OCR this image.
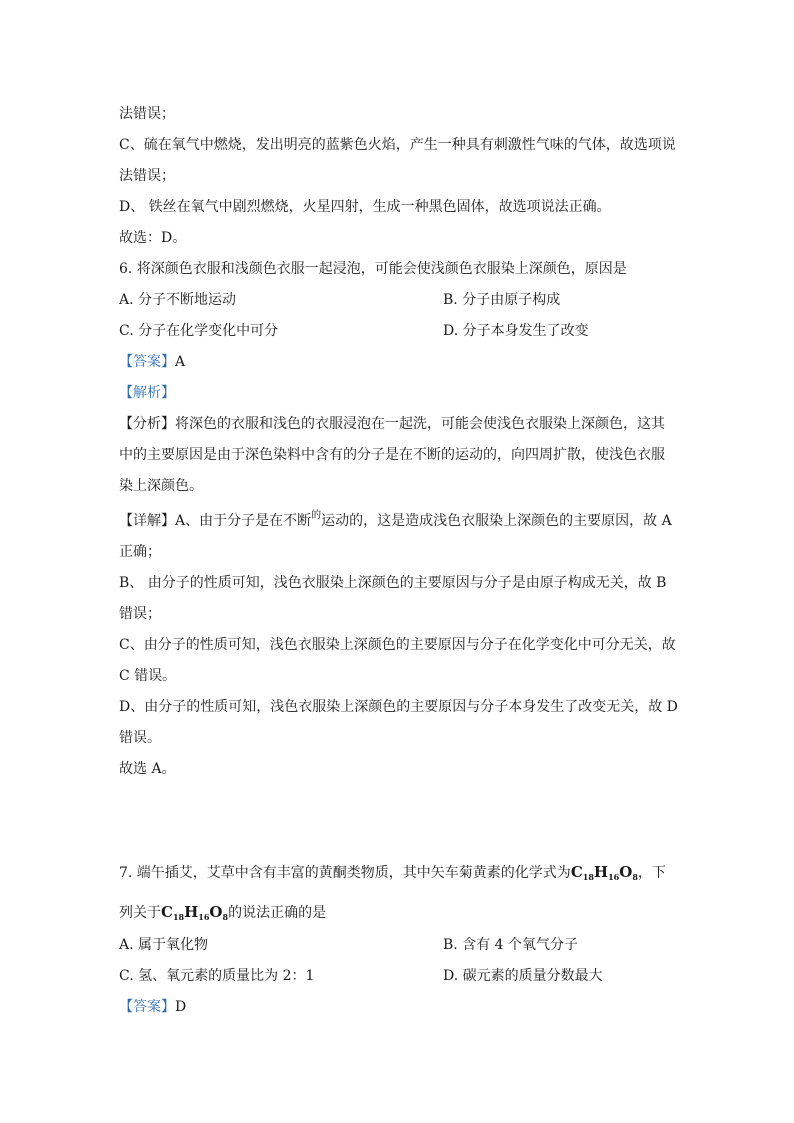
法错误；
C、硫在氧气中燃烧，发出明亮的蓝紫色火焰，产生一种具有刺激性气味的气体，故选项说
法错误；
D、 铁丝在氧气中剧烈燃烧，火星四射，生成一种黑色固体，故选项说法正确。
故选：D。
6. 将深颜色衣服和浅颜色衣服一起浸泡，可能会使浅颜色衣服染上深颜色，原因是
A. 分子不断地运动	B. 分子由原子构成
C. 分子在化学变化中可分	D. 分子本身发生了改变
【答案】A
【解析】
【分析】将深色的衣服和浅色的衣服浸泡在一起洗，可能会使浅色衣服染上深颜色，这其
中的主要原因是由于深色染料中含有的分子是在不断的运动的，向四周扩散，使浅色衣服
染上深颜色。
【详解】A、由于分子是在不断$^的$运动的，这是造成浅色衣服染上深颜色的主要原因，故 A
正确；
B、 由分子的性质可知，浅色衣服染上深颜色的主要原因与分子是由原子构成无关，故 B
错误；
C、由分子的性质可知，浅色衣服染上深颜色的主要原因与分子在化学变化中可分无关，故
C 错误。
D、由分子的性质可知，浅色衣服染上深颜色的主要原因与分子本身发生了改变无关，故 D
错误。
故选 A。
7. 端午插艾，艾草中含有丰富的黄酮类物质，其中矢车菊黄素的化学式为$C_{18}H_{16}O_8$，下
列关于$C_{18}H_{16}O_8$的说法正确的是
A. 属于氧化物	B. 含有 4 个氧气分子
C. 氢、氧元素的质量比为 2：1	D. 碳元素的质量分数最大
【答案】D
